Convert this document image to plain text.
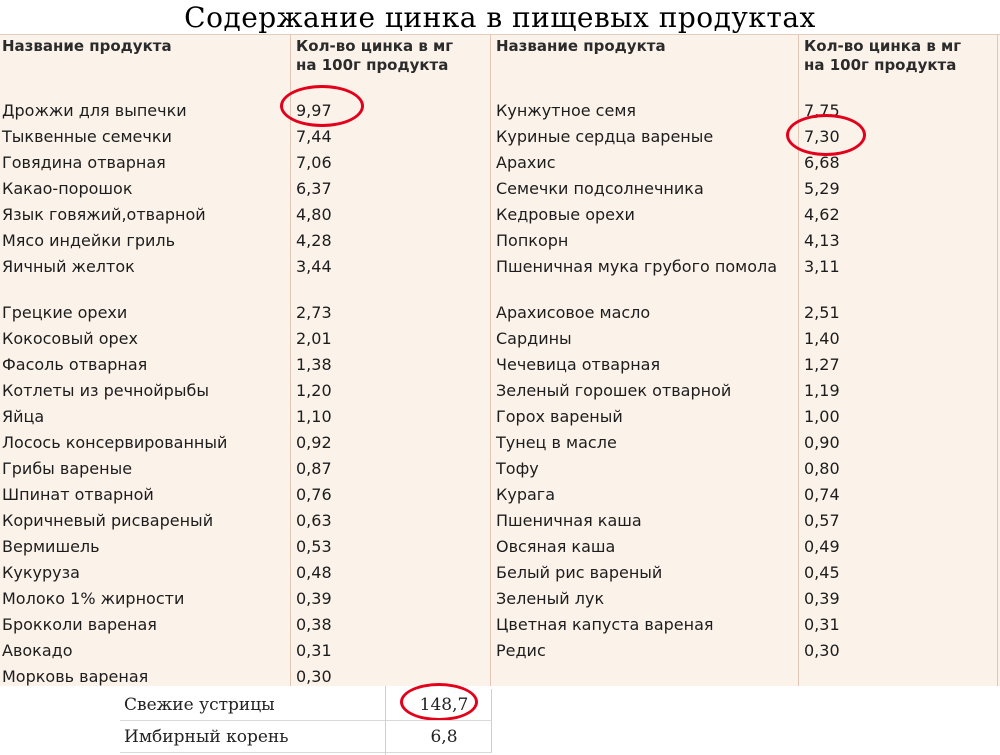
Содержание цинка в пищевых продуктах
Название продукта	Кол-во цинка в мг на 100г продукта
Название продукта	Кол-во цинка в мг на 100г продукта
Дрожжи для выпечки	9,97	Кунжутное семя	7,75
Тыквенные семечки	7,44	Куриные сердца вареные	7,30
Говядина отварная	7,06	Арахис	6,68
Какао-порошок	6,37	Семечки подсолнечника	5,29
Язык говяжий,отварной	4,80	Кедровые орехи	4,62
Мясо индейки гриль	4,28	Попкорн	4,13
Яичный желток	3,44	Пшеничная мука грубого помола	3,11
Грецкие орехи	2,73	Арахисовое масло	2,51
Кокосовый орех	2,01	Сардины	1,40
Фасоль отварная	1,38	Чечевица отварная	1,27
Котлеты из речнойрыбы	1,20	Зеленый горошек отварной	1,19
Яйца	1,10	Горох вареный	1,00
Лосось консервированный	0,92	Тунец в масле	0,90
Грибы вареные	0,87	Тофу	0,80
Шпинат отварной	0,76	Курага	0,74
Коричневый рисвареный	0,63	Пшеничная каша	0,57
Вермишель	0,53	Овсяная каша	0,49
Кукуруза	0,48	Белый рис вареный	0,45
Молоко 1% жирности	0,39	Зеленый лук	0,39
Брокколи вареная	0,38	Цветная капуста вареная	0,31
Авокадо	0,31	Редис	0,30
Морковь вареная	0,30
Свежие устрицы	148,7
Имбирный корень	6,8
